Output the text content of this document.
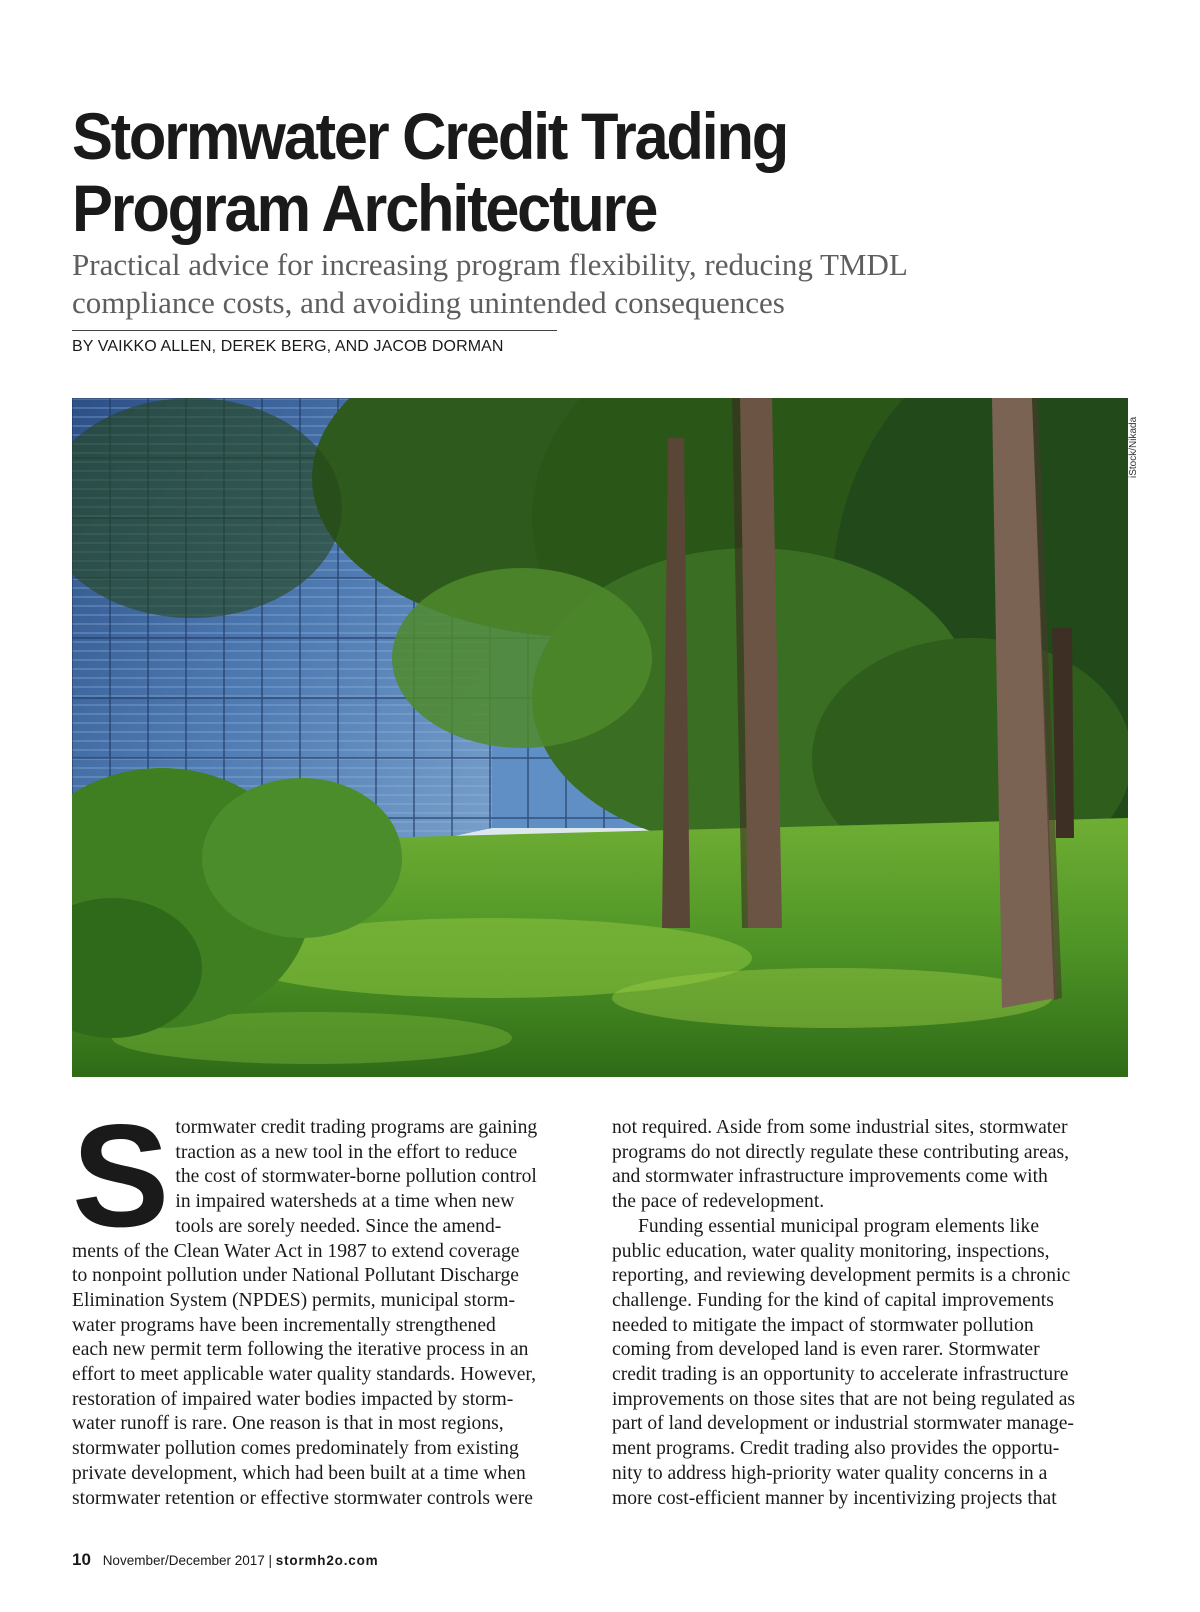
Stormwater Credit Trading
Program Architecture
Practical advice for increasing program flexibility, reducing TMDL
compliance costs, and avoiding unintended consequences
BY VAIKKO ALLEN, DEREK BERG, AND JACOB DORMAN
iStock/Nikada
S tormwater credit trading programs are gaining
traction as a new tool in the effort to reduce
the cost of stormwater-borne pollution control
in impaired watersheds at a time when new
tools are sorely needed. Since the amend-
ments of the Clean Water Act in 1987 to extend coverage
to nonpoint pollution under National Pollutant Discharge
Elimination System (NPDES) permits, municipal storm-
water programs have been incrementally strengthened
each new permit term following the iterative process in an
effort to meet applicable water quality standards. However,
restoration of impaired water bodies impacted by storm-
water runoff is rare. One reason is that in most regions,
stormwater pollution comes predominately from existing
private development, which had been built at a time when
stormwater retention or effective stormwater controls were

not required. Aside from some industrial sites, stormwater
programs do not directly regulate these contributing areas,
and stormwater infrastructure improvements come with
the pace of redevelopment.

Funding essential municipal program elements like
public education, water quality monitoring, inspections,
reporting, and reviewing development permits is a chronic
challenge. Funding for the kind of capital improvements
needed to mitigate the impact of stormwater pollution
coming from developed land is even rarer. Stormwater
credit trading is an opportunity to accelerate infrastructure
improvements on those sites that are not being regulated as
part of land development or industrial stormwater manage-
ment programs. Credit trading also provides the opportu-
nity to address high-priority water quality concerns in a
more cost-efficient manner by incentivizing projects that

10 November/December 2017 | stormh2o.com
